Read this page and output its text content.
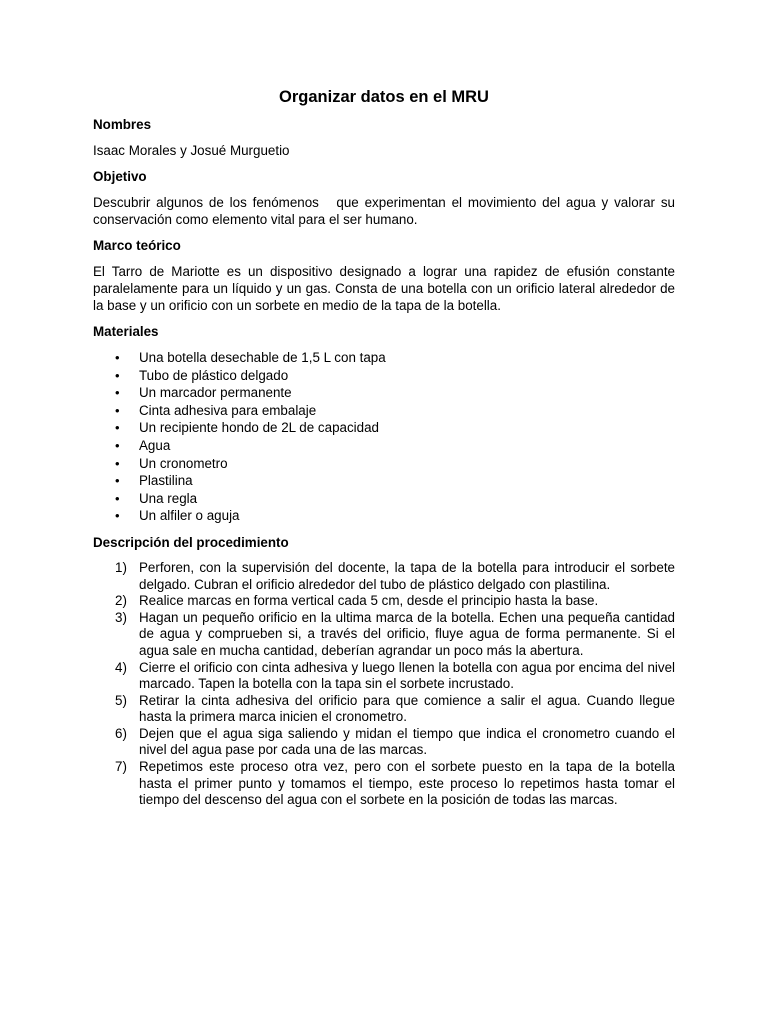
Organizar datos en el MRU
Nombres
Isaac Morales y Josué Murguetio
Objetivo
Descubrir algunos de los fenómenos   que experimentan el movimiento del agua y valorar su conservación como elemento vital para el ser humano.
Marco teórico
El Tarro de Mariotte es un dispositivo designado a lograr una rapidez de efusión constante paralelamente para un líquido y un gas. Consta de una botella con un orificio lateral alrededor de la base y un orificio con un sorbete en medio de la tapa de la botella.
Materiales
• Una botella desechable de 1,5 L con tapa
• Tubo de plástico delgado
• Un marcador permanente
• Cinta adhesiva para embalaje
• Un recipiente hondo de 2L de capacidad
• Agua
• Un cronometro
• Plastilina
• Una regla
• Un alfiler o aguja
Descripción del procedimiento
1) Perforen, con la supervisión del docente, la tapa de la botella para introducir el sorbete delgado. Cubran el orificio alrededor del tubo de plástico delgado con plastilina.
2) Realice marcas en forma vertical cada 5 cm, desde el principio hasta la base.
3) Hagan un pequeño orificio en la ultima marca de la botella. Echen una pequeña cantidad de agua y comprueben si, a través del orificio, fluye agua de forma permanente. Si el agua sale en mucha cantidad, deberían agrandar un poco más la abertura.
4) Cierre el orificio con cinta adhesiva y luego llenen la botella con agua por encima del nivel marcado. Tapen la botella con la tapa sin el sorbete incrustado.
5) Retirar la cinta adhesiva del orificio para que comience a salir el agua. Cuando llegue hasta la primera marca inicien el cronometro.
6) Dejen que el agua siga saliendo y midan el tiempo que indica el cronometro cuando el nivel del agua pase por cada una de las marcas.
7) Repetimos este proceso otra vez, pero con el sorbete puesto en la tapa de la botella hasta el primer punto y tomamos el tiempo, este proceso lo repetimos hasta tomar el tiempo del descenso del agua con el sorbete en la posición de todas las marcas.
